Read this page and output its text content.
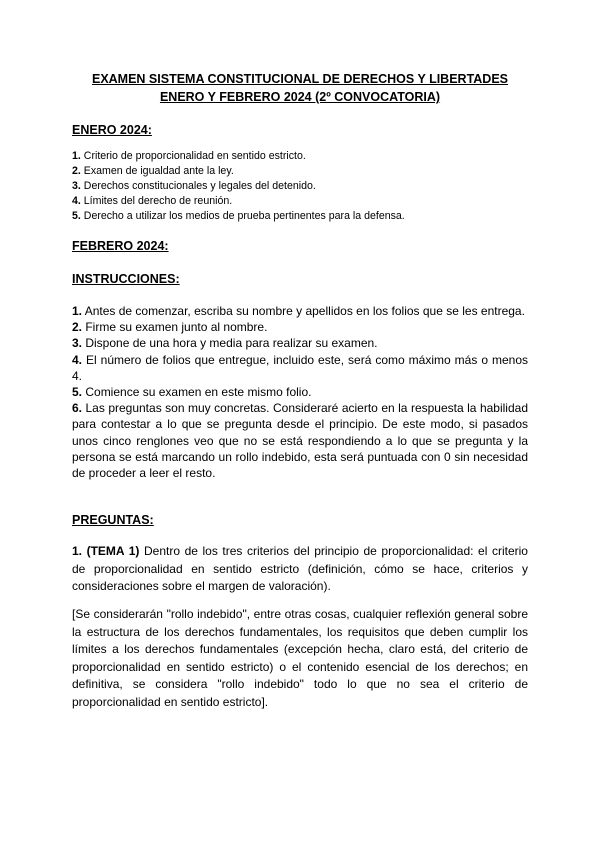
EXAMEN SISTEMA CONSTITUCIONAL DE DERECHOS Y LIBERTADES
ENERO Y FEBRERO 2024 (2º CONVOCATORIA)
ENERO 2024:
1. Criterio de proporcionalidad en sentido estricto.
2. Examen de igualdad ante la ley.
3. Derechos constitucionales y legales del detenido.
4. Límites del derecho de reunión.
5. Derecho a utilizar los medios de prueba pertinentes para la defensa.
FEBRERO 2024:
INSTRUCCIONES:
1. Antes de comenzar, escriba su nombre y apellidos en los folios que se les entrega.
2. Firme su examen junto al nombre.
3. Dispone de una hora y media para realizar su examen.
4. El número de folios que entregue, incluido este, será como máximo más o menos 4.
5. Comience su examen en este mismo folio.
6. Las preguntas son muy concretas. Consideraré acierto en la respuesta la habilidad para contestar a lo que se pregunta desde el principio. De este modo, si pasados unos cinco renglones veo que no se está respondiendo a lo que se pregunta y la persona se está marcando un rollo indebido, esta será puntuada con 0 sin necesidad de proceder a leer el resto.
PREGUNTAS:

1. (TEMA 1) Dentro de los tres criterios del principio de proporcionalidad: el criterio de proporcionalidad en sentido estricto (definición, cómo se hace, criterios y consideraciones sobre el margen de valoración).

[Se considerarán "rollo indebido", entre otras cosas, cualquier reflexión general sobre la estructura de los derechos fundamentales, los requisitos que deben cumplir los límites a los derechos fundamentales (excepción hecha, claro está, del criterio de proporcionalidad en sentido estricto) o el contenido esencial de los derechos; en definitiva, se considera "rollo indebido" todo lo que no sea el criterio de proporcionalidad en sentido estricto].
